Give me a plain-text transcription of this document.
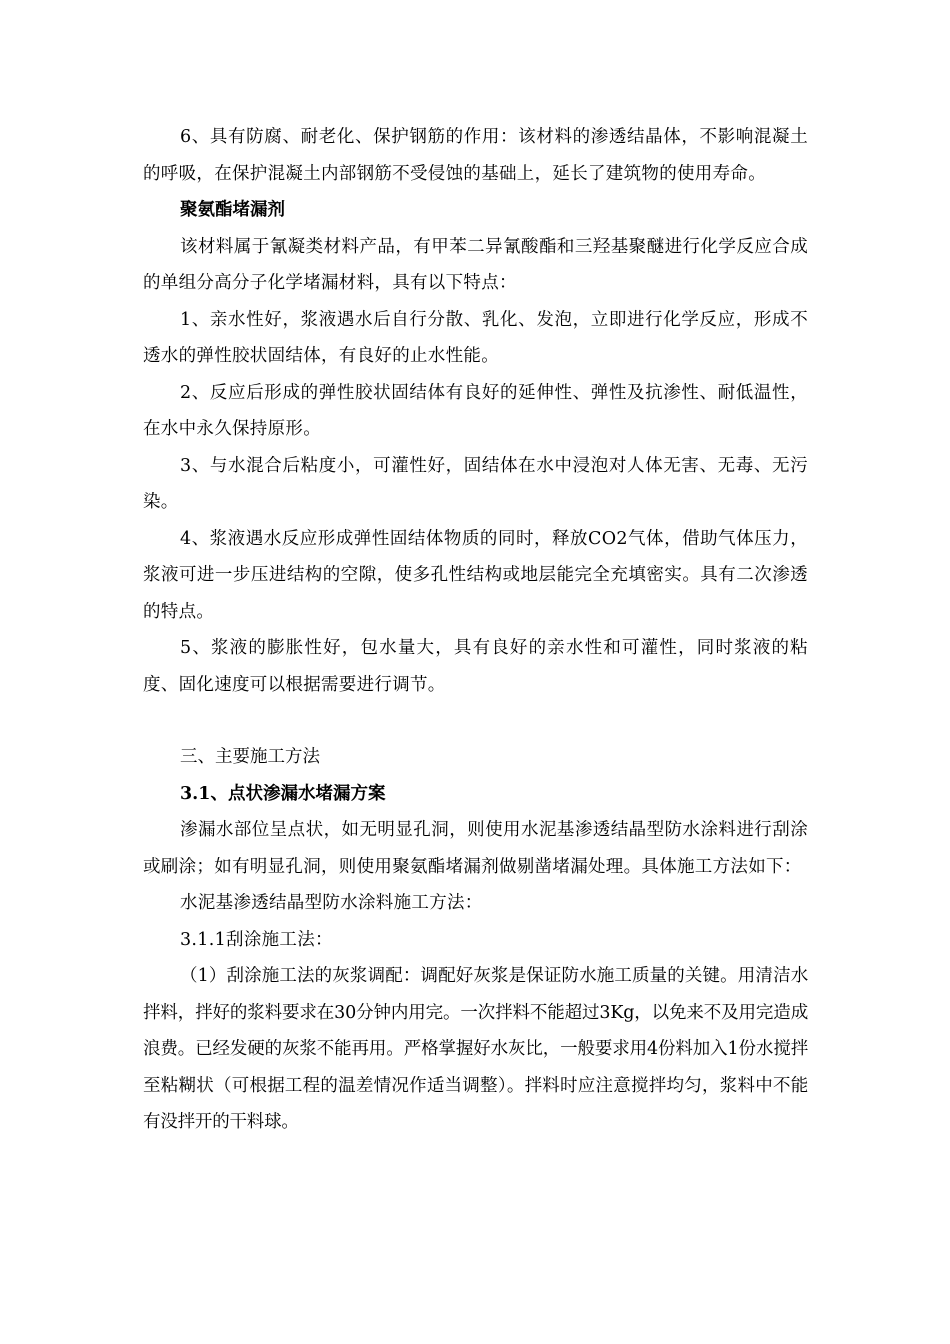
6、具有防腐、耐老化、保护钢筋的作用：该材料的渗透结晶体，不影响混凝土的呼吸，在保护混凝土内部钢筋不受侵蚀的基础上，延长了建筑物的使用寿命。

聚氨酯堵漏剂

该材料属于氰凝类材料产品，有甲苯二异氰酸酯和三羟基聚醚进行化学反应合成的单组分高分子化学堵漏材料，具有以下特点：

1、亲水性好，浆液遇水后自行分散、乳化、发泡，立即进行化学反应，形成不透水的弹性胶状固结体，有良好的止水性能。

2、反应后形成的弹性胶状固结体有良好的延伸性、弹性及抗渗性、耐低温性，在水中永久保持原形。

3、与水混合后粘度小，可灌性好，固结体在水中浸泡对人体无害、无毒、无污染。

4、浆液遇水反应形成弹性固结体物质的同时，释放CO2气体，借助气体压力，浆液可进一步压进结构的空隙，使多孔性结构或地层能完全充填密实。具有二次渗透的特点。

5、浆液的膨胀性好，包水量大，具有良好的亲水性和可灌性，同时浆液的粘度、固化速度可以根据需要进行调节。

三、主要施工方法

3.1、点状渗漏水堵漏方案

渗漏水部位呈点状，如无明显孔洞，则使用水泥基渗透结晶型防水涂料进行刮涂或刷涂；如有明显孔洞，则使用聚氨酯堵漏剂做剔凿堵漏处理。具体施工方法如下：

水泥基渗透结晶型防水涂料施工方法：

3.1.1刮涂施工法：

（1）刮涂施工法的灰浆调配：调配好灰浆是保证防水施工质量的关键。用清洁水拌料，拌好的浆料要求在30分钟内用完。一次拌料不能超过3Kg，以免来不及用完造成浪费。已经发硬的灰浆不能再用。严格掌握好水灰比，一般要求用4份料加入1份水搅拌至粘糊状（可根据工程的温差情况作适当调整）。拌料时应注意搅拌均匀，浆料中不能有没拌开的干料球。
